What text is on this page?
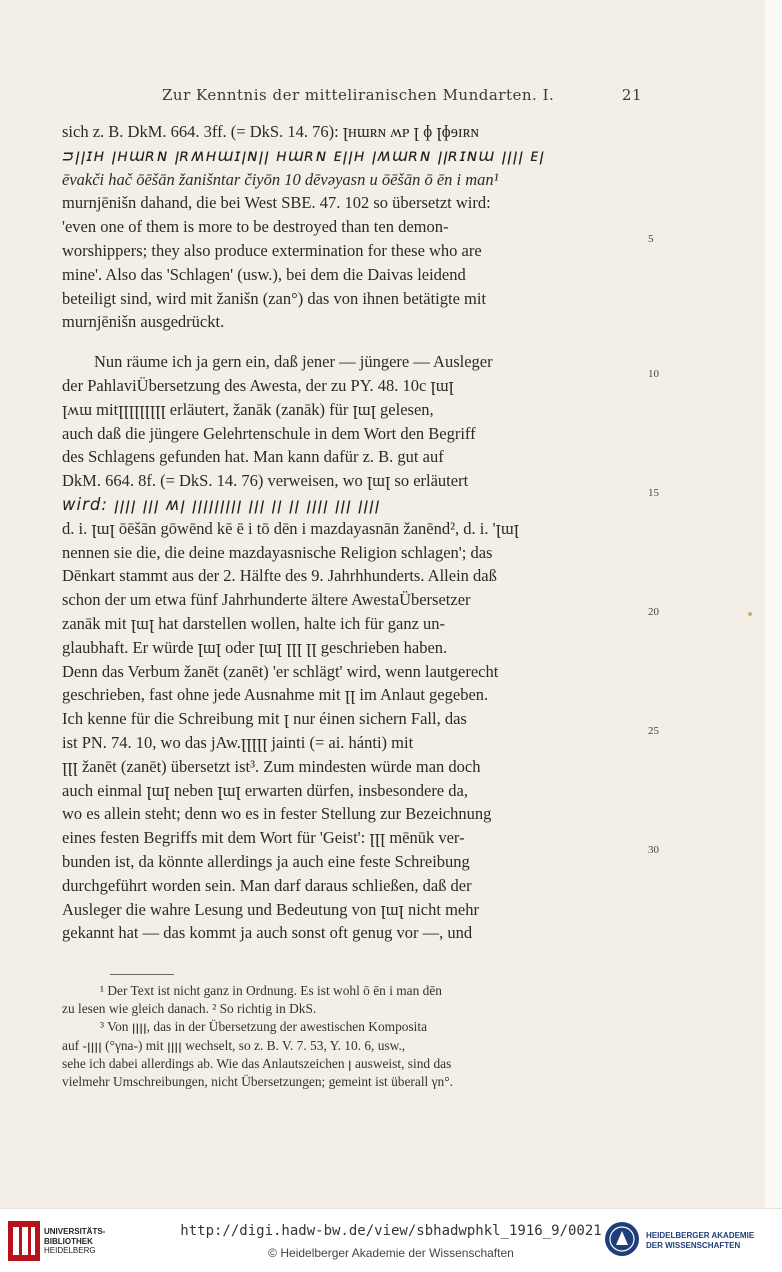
Zur Kenntnis der mitteliranischen Mundarten. I.	21
sich z. B. DkM. 664. 3ff. (= DkS. 14. 76): ꞁʜɯʀɴ ʍᴘ ꞁ ɸ ꞁɸɘɪʀɴ
ᴝꞁꞁɪʜ ꞁʜɯʀɴ ꞁʀʍʜɯɪꞁɴꞁꞁ ʜɯʀɴ ᴇꞁꞁʜ ꞁʍɯʀɴ ꞁꞁʀɪɴɯ ꞁꞁꞁꞁ ᴇꞁ
ēvakči hač ōēšān žanišntar čiyōn 10 dēvəyasn u ōēšān ō ēn i man¹
murnjēnišn dahand, die bei West SBE. 47. 102 so übersetzt wird:
'even one of them is more to be destroyed than ten demon-
worshippers; they also produce extermination for these who are
mine'. Also das 'Schlagen' (usw.), bei dem die Daivas leidend
beteiligt sind, wird mit žanišn (zan°) das von ihnen betätigte mit
murnjēnišn ausgedrückt.
Nun räume ich ja gern ein, daß jener — jüngere — Ausleger
der PahlaviÜbersetzung des Awesta, der zu PY. 48. 10c ꞁɯꞁ
ꞁʍɯ mitꞁꞁꞁꞁꞁꞁꞁꞁꞁ erläutert, žanāk (zanāk) für ꞁɯꞁ gelesen,
auch daß die jüngere Gelehrtenschule in dem Wort den Begriff
des Schlagens gefunden hat. Man kann dafür z. B. gut auf
DkM. 664. 8f. (= DkS. 14. 76) verweisen, wo ꞁɯꞁ so erläutert
wird: ꞁꞁꞁꞁ ꞁꞁꞁ ʍꞁ ꞁꞁꞁꞁꞁꞁꞁꞁꞁ ꞁꞁꞁ ꞁꞁ ꞁꞁ ꞁꞁꞁꞁ ꞁꞁꞁ ꞁꞁꞁꞁ
d. i. ꞁɯꞁ ōēšān gōwēnd kē ē i tō dēn i mazdayasnān žanēnd², d. i. 'ꞁɯꞁ
nennen sie die, die deine mazdayasnische Religion schlagen'; das
Dēnkart stammt aus der 2. Hälfte des 9. Jahrhhunderts. Allein daß
schon der um etwa fünf Jahrhunderte ältere AwestaÜbersetzer
zanāk mit ꞁɯꞁ hat darstellen wollen, halte ich für ganz un-
glaubhaft. Er würde ꞁɯꞁ oder ꞁɯꞁ ꞁꞁꞁ ꞁꞁ geschrieben haben.
Denn das Verbum žanēt (zanēt) 'er schlägt' wird, wenn lautgerecht
geschrieben, fast ohne jede Ausnahme mit ꞁꞁ im Anlaut gegeben.
Ich kenne für die Schreibung mit ꞁ nur éinen sichern Fall, das
ist PN. 74. 10, wo das jAw.ꞁꞁꞁꞁꞁ jainti (= ai. hánti) mit
ꞁꞁꞁ žanēt (zanēt) übersetzt ist³. Zum mindesten würde man doch
auch einmal ꞁɯꞁ neben ꞁɯꞁ erwarten dürfen, insbesondere da,
wo es allein steht; denn wo es in fester Stellung zur Bezeichnung
eines festen Begriffs mit dem Wort für 'Geist': ꞁꞁꞁ mēnūk ver-
bunden ist, da könnte allerdings ja auch eine feste Schreibung
durchgeführt worden sein. Man darf daraus schließen, daß der
Ausleger die wahre Lesung und Bedeutung von ꞁɯꞁ nicht mehr
gekannt hat — das kommt ja auch sonst oft genug vor —, und
5
10
15
20
25
30
¹ Der Text ist nicht ganz in Ordnung. Es ist wohl ō ēn i man dēn
zu lesen wie gleich danach. ² So richtig in DkS.
³ Von ꞁꞁꞁꞁ, das in der Übersetzung der awestischen Komposita
auf -ꞁꞁꞁꞁ (°γna-) mit ꞁꞁꞁꞁ wechselt, so z. B. V. 7. 53, Y. 10. 6, usw.,
sehe ich dabei allerdings ab. Wie das Anlautszeichen ꞁ ausweist, sind das
vielmehr Umschreibungen, nicht Übersetzungen; gemeint ist überall γn°.
UNIVERSITÄTS-
BIBLIOTHEK
HEIDELBERG
http://digi.hadw-bw.de/view/sbhadwphkl_1916_9/0021
© Heidelberger Akademie der Wissenschaften
HEIDELBERGER AKADEMIE
DER WISSENSCHAFTEN
